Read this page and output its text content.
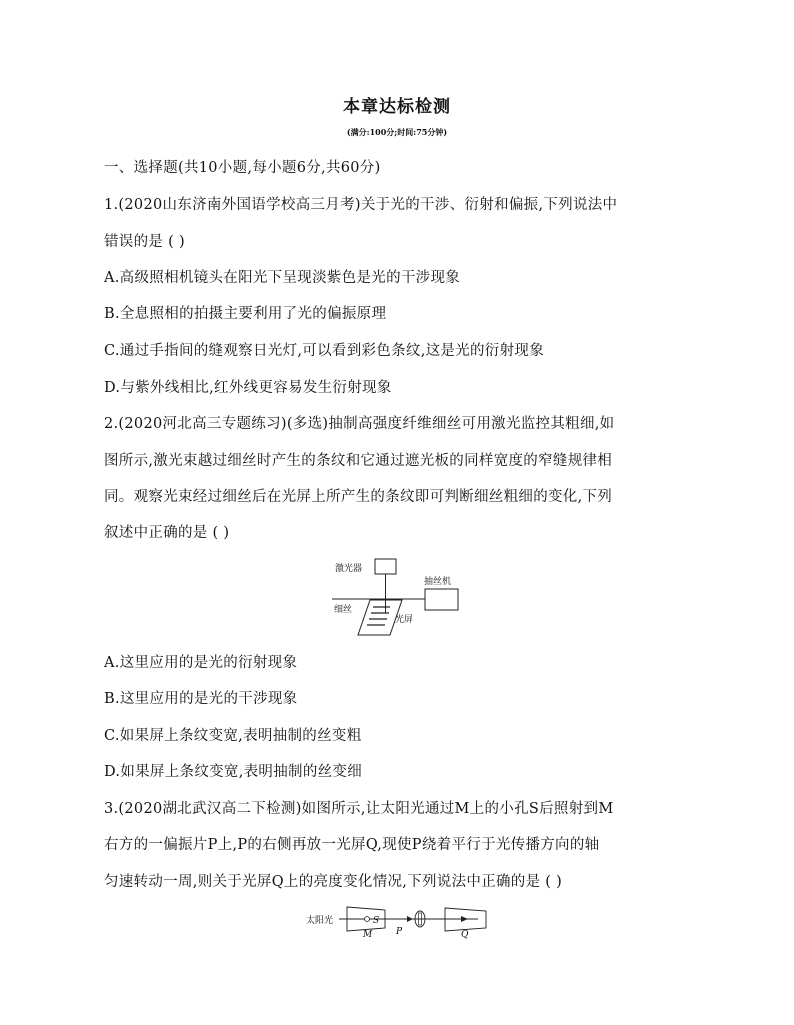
本章达标检测
(满分:100分;时间:75分钟)
一、选择题(共10小题,每小题6分,共60分)
1.(2020山东济南外国语学校高三月考)关于光的干涉、衍射和偏振,下列说法中
错误的是 ( )
A.高级照相机镜头在阳光下呈现淡紫色是光的干涉现象
B.全息照相的拍摄主要利用了光的偏振原理
C.通过手指间的缝观察日光灯,可以看到彩色条纹,这是光的衍射现象
D.与紫外线相比,红外线更容易发生衍射现象
2.(2020河北高三专题练习)(多选)抽制高强度纤维细丝可用激光监控其粗细,如
图所示,激光束越过细丝时产生的条纹和它通过遮光板的同样宽度的窄缝规律相
同。观察光束经过细丝后在光屏上所产生的条纹即可判断细丝粗细的变化,下列
叙述中正确的是 ( )
激光器
抽丝机
细丝
光屏
A.这里应用的是光的衍射现象
B.这里应用的是光的干涉现象
C.如果屏上条纹变宽,表明抽制的丝变粗
D.如果屏上条纹变宽,表明抽制的丝变细
3.(2020湖北武汉高二下检测)如图所示,让太阳光通过M上的小孔S后照射到M
右方的一偏振片P上,P的右侧再放一光屏Q,现使P绕着平行于光传播方向的轴
匀速转动一周,则关于光屏Q上的亮度变化情况,下列说法中正确的是 ( )
太阳光	S
M	P	Q
